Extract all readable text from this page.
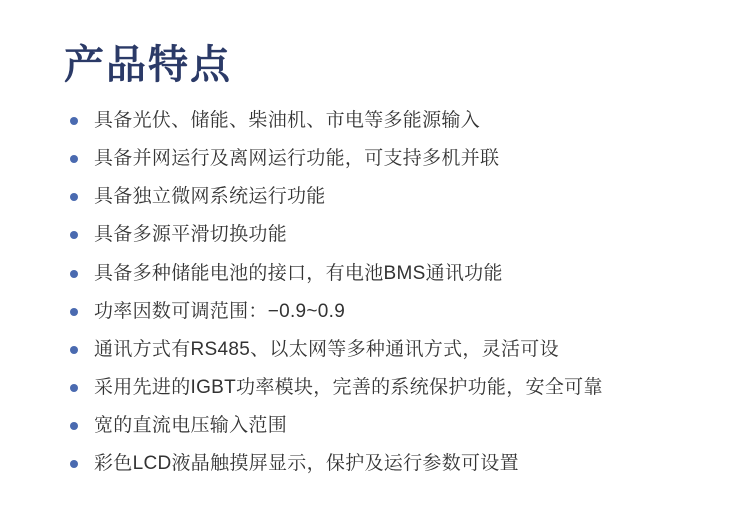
产品特点
具备光伏、储能、柴油机、市电等多能源输入
具备并网运行及离网运行功能，可支持多机并联
具备独立微网系统运行功能
具备多源平滑切换功能
具备多种储能电池的接口，有电池BMS通讯功能
功率因数可调范围：−0.9~0.9
通讯方式有RS485、以太网等多种通讯方式，灵活可设
采用先进的IGBT功率模块，完善的系统保护功能，安全可靠
宽的直流电压输入范围
彩色LCD液晶触摸屏显示，保护及运行参数可设置
